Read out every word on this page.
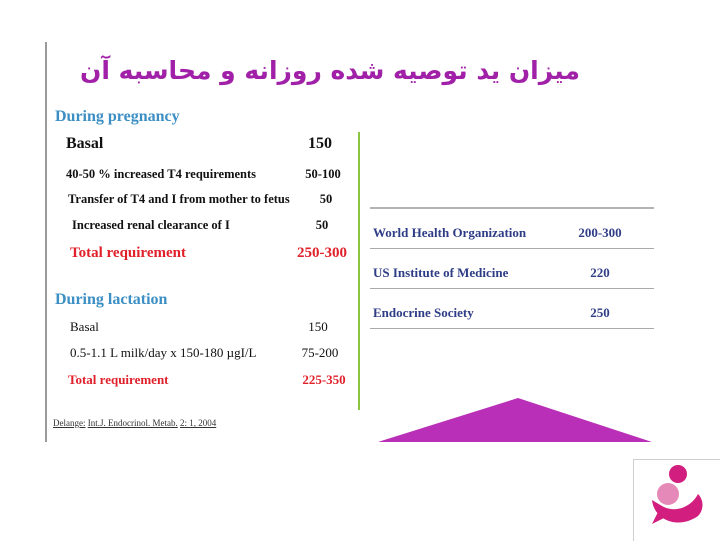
میزان ید توصیه شده روزانه و محاسبه آن
During pregnancy
Basal	150
40-50 % increased T4 requirements	50-100
Transfer of T4 and I from mother to fetus	50
Increased renal clearance of I	50
Total requirement	250-300
During lactation
Basal	150
0.5-1.1 L milk/day x 150-180 µgI/L	75-200
Total requirement	225-350
Delange: Int.J. Endocrinol. Metab. 2: 1, 2004
World Health Organization	200-300
US Institute of Medicine	220
Endocrine Society	250
